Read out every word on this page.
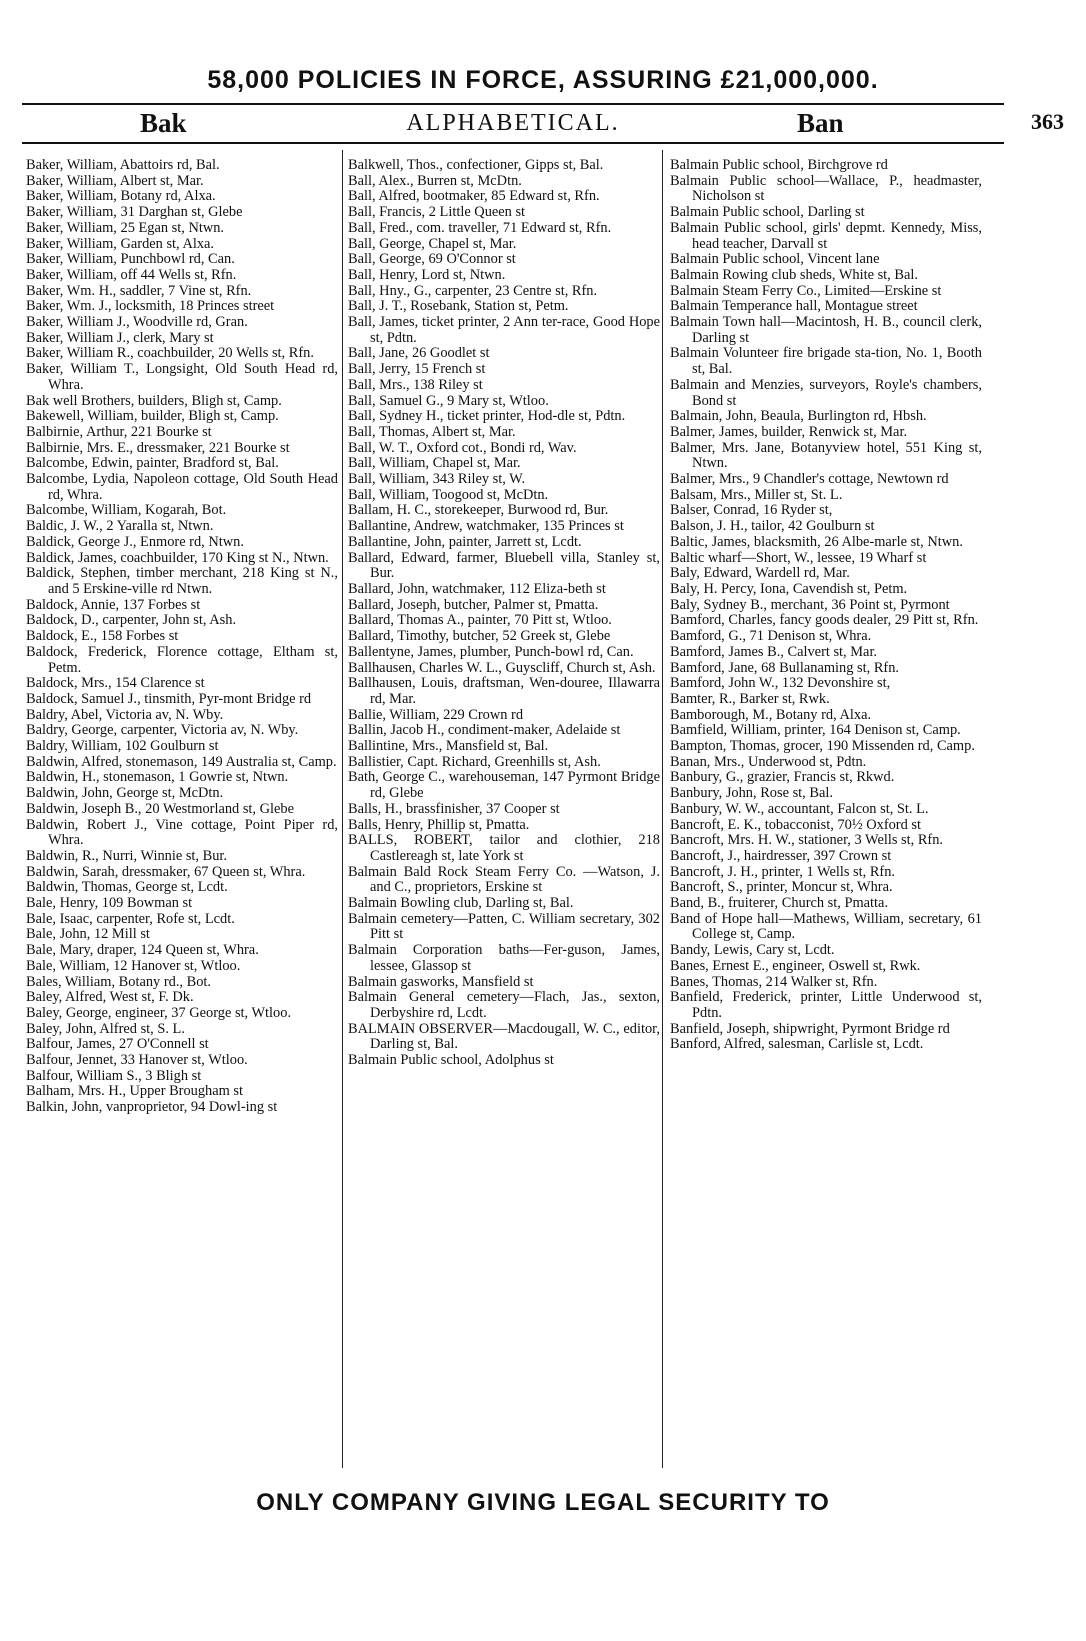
58,000 POLICIES IN FORCE, ASSURING £21,000,000.
Bak	ALPHABETICAL.	Ban	363

Baker, William, Abattoirs rd, Bal.

Baker, William, Albert st, Mar.

Baker, William, Botany rd, Alxa.

Baker, William, 31 Darghan st, Glebe

Baker, William, 25 Egan st, Ntwn.

Baker, William, Garden st, Alxa.

Baker, William, Punchbowl rd, Can.

Baker, William, off 44 Wells st, Rfn.

Baker, Wm. H., saddler, 7 Vine st, Rfn.

Baker, Wm. J., locksmith, 18 Princes street

Baker, William J., Woodville rd, Gran.

Baker, William J., clerk, Mary st

Baker, William R., coachbuilder, 20 Wells st, Rfn.

Baker, William T., Longsight, Old South Head rd, Whra.

Bak well Brothers, builders, Bligh st, Camp.

Bakewell, William, builder, Bligh st, Camp.

Balbirnie, Arthur, 221 Bourke st

Balbirnie, Mrs. E., dressmaker, 221 Bourke st

Balcombe, Edwin, painter, Bradford st, Bal.

Balcombe, Lydia, Napoleon cottage, Old South Head rd, Whra.

Balcombe, William, Kogarah, Bot.

Baldic, J. W., 2 Yaralla st, Ntwn.

Baldick, George J., Enmore rd, Ntwn.

Baldick, James, coachbuilder, 170 King st N., Ntwn.

Baldick, Stephen, timber merchant, 218 King st N., and 5 Erskine-ville rd Ntwn.

Baldock, Annie, 137 Forbes st

Baldock, D., carpenter, John st, Ash.

Baldock, E., 158 Forbes st

Baldock, Frederick, Florence cottage, Eltham st, Petm.

Baldock, Mrs., 154 Clarence st

Baldock, Samuel J., tinsmith, Pyr-mont Bridge rd

Baldry, Abel, Victoria av, N. Wby.

Baldry, George, carpenter, Victoria av, N. Wby.

Baldry, William, 102 Goulburn st

Baldwin, Alfred, stonemason, 149 Australia st, Camp.

Baldwin, H., stonemason, 1 Gowrie st, Ntwn.

Baldwin, John, George st, McDtn.

Baldwin, Joseph B., 20 Westmorland st, Glebe

Baldwin, Robert J., Vine cottage, Point Piper rd, Whra.

Baldwin, R., Nurri, Winnie st, Bur.

Baldwin, Sarah, dressmaker, 67 Queen st, Whra.

Baldwin, Thomas, George st, Lcdt.

Bale, Henry, 109 Bowman st

Bale, Isaac, carpenter, Rofe st, Lcdt.

Bale, John, 12 Mill st

Bale, Mary, draper, 124 Queen st, Whra.

Bale, William, 12 Hanover st, Wtloo.

Bales, William, Botany rd., Bot.

Baley, Alfred, West st, F. Dk.

Baley, George, engineer, 37 George st, Wtloo.

Baley, John, Alfred st, S. L.

Balfour, James, 27 O'Connell st

Balfour, Jennet, 33 Hanover st, Wtloo.

Balfour, William S., 3 Bligh st

Balham, Mrs. H., Upper Brougham st

Balkin, John, vanproprietor, 94 Dowl-ing st

Balkwell, Thos., confectioner, Gipps st, Bal.

Ball, Alex., Burren st, McDtn.

Ball, Alfred, bootmaker, 85 Edward st, Rfn.

Ball, Francis, 2 Little Queen st

Ball, Fred., com. traveller, 71 Edward st, Rfn.

Ball, George, Chapel st, Mar.

Ball, George, 69 O'Connor st

Ball, Henry, Lord st, Ntwn.

Ball, Hny., G., carpenter, 23 Centre st, Rfn.

Ball, J. T., Rosebank, Station st, Petm.

Ball, James, ticket printer, 2 Ann ter-race, Good Hope st, Pdtn.

Ball, Jane, 26 Goodlet st

Ball, Jerry, 15 French st

Ball, Mrs., 138 Riley st

Ball, Samuel G., 9 Mary st, Wtloo.

Ball, Sydney H., ticket printer, Hod-dle st, Pdtn.

Ball, Thomas, Albert st, Mar.

Ball, W. T., Oxford cot., Bondi rd, Wav.

Ball, William, Chapel st, Mar.

Ball, William, 343 Riley st, W.

Ball, William, Toogood st, McDtn.

Ballam, H. C., storekeeper, Burwood rd, Bur.

Ballantine, Andrew, watchmaker, 135 Princes st

Ballantine, John, painter, Jarrett st, Lcdt.

Ballard, Edward, farmer, Bluebell villa, Stanley st, Bur.

Ballard, John, watchmaker, 112 Eliza-beth st

Ballard, Joseph, butcher, Palmer st, Pmatta.

Ballard, Thomas A., painter, 70 Pitt st, Wtloo.

Ballard, Timothy, butcher, 52 Greek st, Glebe

Ballentyne, James, plumber, Punch-bowl rd, Can.

Ballhausen, Charles W. L., Guyscliff, Church st, Ash.

Ballhausen, Louis, draftsman, Wen-douree, Illawarra rd, Mar.

Ballie, William, 229 Crown rd

Ballin, Jacob H., condiment-maker, Adelaide st

Ballintine, Mrs., Mansfield st, Bal.

Ballistier, Capt. Richard, Greenhills st, Ash.

Bath, George C., warehouseman, 147 Pyrmont Bridge rd, Glebe

Balls, H., brassfinisher, 37 Cooper st

Balls, Henry, Phillip st, Pmatta.

BALLS, ROBERT, tailor and clothier, 218 Castlereagh st, late York st

Balmain Bald Rock Steam Ferry Co. —Watson, J. and C., proprietors, Erskine st

Balmain Bowling club, Darling st, Bal.

Balmain cemetery—Patten, C. William secretary, 302 Pitt st

Balmain Corporation baths—Fer-guson, James, lessee, Glassop st

Balmain gasworks, Mansfield st

Balmain General cemetery—Flach, Jas., sexton, Derbyshire rd, Lcdt.

BALMAIN OBSERVER—Macdougall, W. C., editor, Darling st, Bal.

Balmain Public school, Adolphus st

Balmain Public school, Birchgrove rd

Balmain Public school—Wallace, P., headmaster, Nicholson st

Balmain Public school, Darling st

Balmain Public school, girls' depmt. Kennedy, Miss, head teacher, Darvall st

Balmain Public school, Vincent lane

Balmain Rowing club sheds, White st, Bal.

Balmain Steam Ferry Co., Limited—Erskine st

Balmain Temperance hall, Montague street

Balmain Town hall—Macintosh, H. B., council clerk, Darling st

Balmain Volunteer fire brigade sta-tion, No. 1, Booth st, Bal.

Balmain and Menzies, surveyors, Royle's chambers, Bond st

Balmain, John, Beaula, Burlington rd, Hbsh.

Balmer, James, builder, Renwick st, Mar.

Balmer, Mrs. Jane, Botanyview hotel, 551 King st, Ntwn.

Balmer, Mrs., 9 Chandler's cottage, Newtown rd

Balsam, Mrs., Miller st, St. L.

Balser, Conrad, 16 Ryder st,

Balson, J. H., tailor, 42 Goulburn st

Baltic, James, blacksmith, 26 Albe-marle st, Ntwn.

Baltic wharf—Short, W., lessee, 19 Wharf st

Baly, Edward, Wardell rd, Mar.

Baly, H. Percy, Iona, Cavendish st, Petm.

Baly, Sydney B., merchant, 36 Point st, Pyrmont

Bamford, Charles, fancy goods dealer, 29 Pitt st, Rfn.

Bamford, G., 71 Denison st, Whra.

Bamford, James B., Calvert st, Mar.

Bamford, Jane, 68 Bullanaming st, Rfn.

Bamford, John W., 132 Devonshire st,

Bamter, R., Barker st, Rwk.

Bamborough, M., Botany rd, Alxa.

Bamfield, William, printer, 164 Denison st, Camp.

Bampton, Thomas, grocer, 190 Missenden rd, Camp.

Banan, Mrs., Underwood st, Pdtn.

Banbury, G., grazier, Francis st, Rkwd.

Banbury, John, Rose st, Bal.

Banbury, W. W., accountant, Falcon st, St. L.

Bancroft, E. K., tobacconist, 70½ Oxford st

Bancroft, Mrs. H. W., stationer, 3 Wells st, Rfn.

Bancroft, J., hairdresser, 397 Crown st

Bancroft, J. H., printer, 1 Wells st, Rfn.

Bancroft, S., printer, Moncur st, Whra.

Band, B., fruiterer, Church st, Pmatta.

Band of Hope hall—Mathews, William, secretary, 61 College st, Camp.

Bandy, Lewis, Cary st, Lcdt.

Banes, Ernest E., engineer, Oswell st, Rwk.

Banes, Thomas, 214 Walker st, Rfn.

Banfield, Frederick, printer, Little Underwood st, Pdtn.

Banfield, Joseph, shipwright, Pyrmont Bridge rd

Banford, Alfred, salesman, Carlisle st, Lcdt.

ONLY COMPANY GIVING LEGAL SECURITY TO
